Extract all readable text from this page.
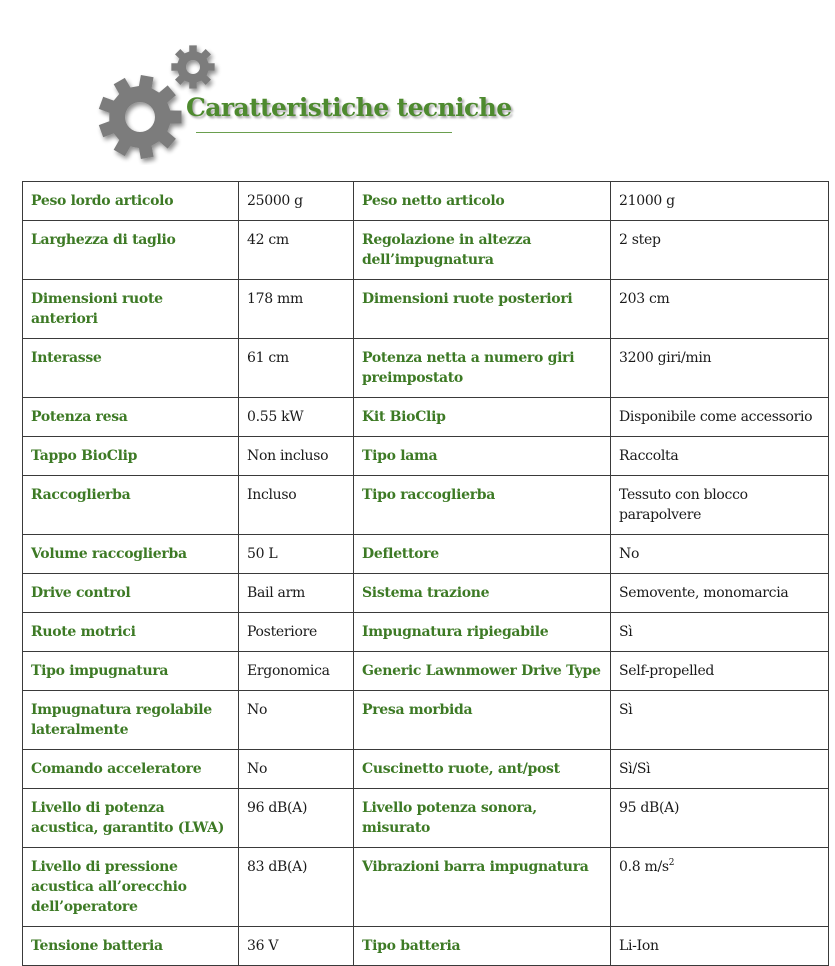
Caratteristiche tecniche
Peso lordo articolo	25000 g	Peso netto articolo	21000 g
Larghezza di taglio	42 cm	Regolazione in altezza dell’impugnatura	2 step
Dimensioni ruote anteriori	178 mm	Dimensioni ruote posteriori	203 cm
Interasse	61 cm	Potenza netta a numero giri preimpostato	3200 giri/min
Potenza resa	0.55 kW	Kit BioClip	Disponibile come accessorio
Tappo BioClip	Non incluso	Tipo lama	Raccolta
Raccoglierba	Incluso	Tipo raccoglierba	Tessuto con blocco parapolvere
Volume raccoglierba	50 L	Deflettore	No
Drive control	Bail arm	Sistema trazione	Semovente, monomarcia
Ruote motrici	Posteriore	Impugnatura ripiegabile	Sì
Tipo impugnatura	Ergonomica	Generic Lawnmower Drive Type	Self-propelled
Impugnatura regolabile lateralmente	No	Presa morbida	Sì
Comando acceleratore	No	Cuscinetto ruote, ant/post	Sì/Sì
Livello di potenza acustica, garantito (LWA)	96 dB(A)	Livello potenza sonora, misurato	95 dB(A)
Livello di pressione acustica all’orecchio dell’operatore	83 dB(A)	Vibrazioni barra impugnatura	0.8 $m/s^2$
Tensione batteria	36 V	Tipo batteria	Li-Ion
